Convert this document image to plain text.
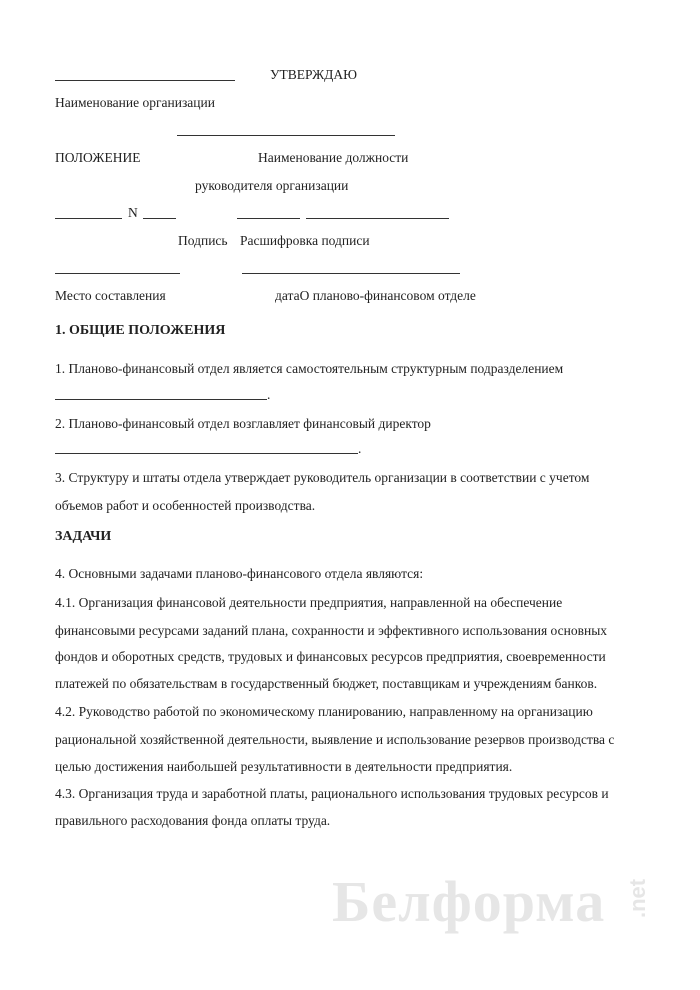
УТВЕРЖДАЮ
Наименование организации
ПОЛОЖЕНИЕ	Наименование должности
руководителя организации
N
Подпись Расшифровка подписи
Место составления	датаО планово-финансовом отделе
1. ОБЩИЕ ПОЛОЖЕНИЯ
1. Планово-финансовый отдел является самостоятельным структурным подразделением
.
2. Планово-финансовый отдел возглавляет финансовый директор
.
3. Структуру и штаты отдела утверждает руководитель организации в соответствии с учетом
объемов работ и особенностей производства.
ЗАДАЧИ
4. Основными задачами планово-финансового отдела являются:
4.1. Организация финансовой деятельности предприятия, направленной на обеспечение
финансовыми ресурсами заданий плана, сохранности и эффективного использования основных
фондов и оборотных средств, трудовых и финансовых ресурсов предприятия, своевременности
платежей по обязательствам в государственный бюджет, поставщикам и учреждениям банков.
4.2. Руководство работой по экономическому планированию, направленному на организацию
рациональной хозяйственной деятельности, выявление и использование резервов производства с
целью достижения наибольшей результативности в деятельности предприятия.
4.3. Организация труда и заработной платы, рационального использования трудовых ресурсов и
правильного расходования фонда оплаты труда.
Белформа .net
